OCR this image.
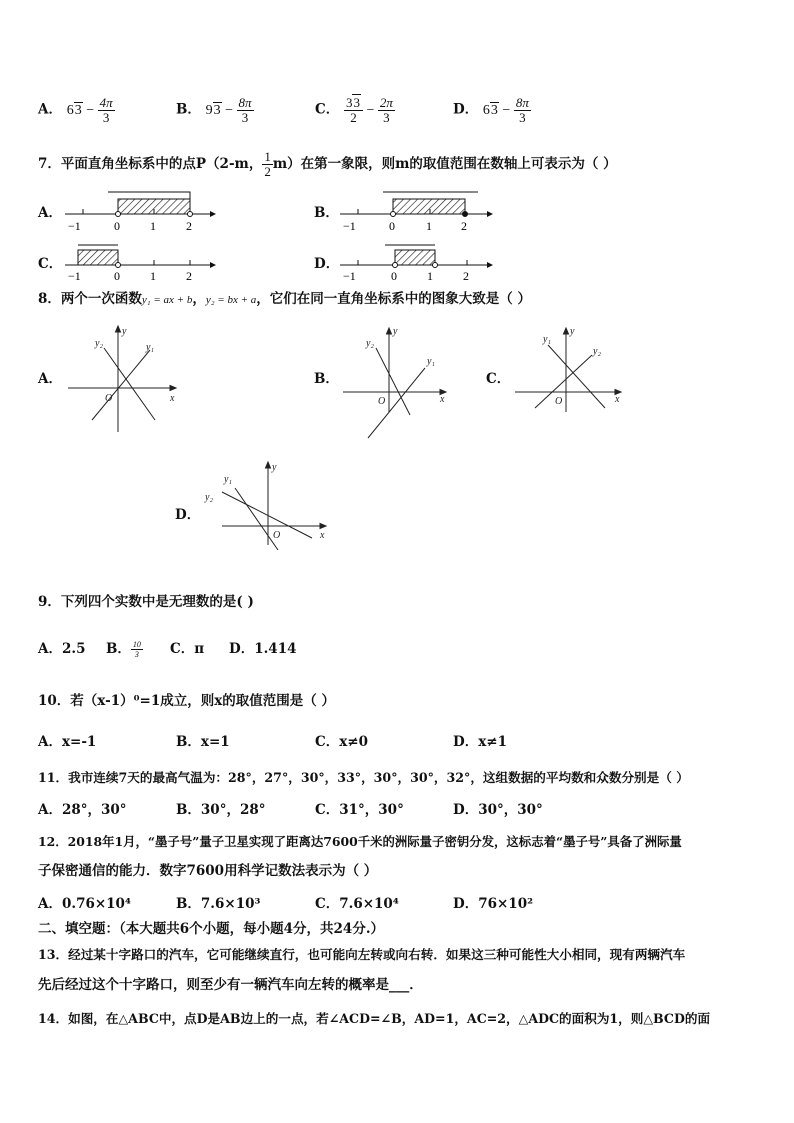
A． $63 - \frac{4\pi}{3}$	B． $93 - \frac{8\pi}{3}$	C． $\frac{33}{2} - \frac{2\pi}{3}$	D． $63 - \frac{8\pi}{3}$
7．平面直角坐标系中的点P（2-m， $\frac{1}{2} m$）在第一象限，则m的取值范围在数轴上可表示为（ ）
−1	0	1	2	−1	0	1 2
−1	0	1	2	−1	0	1	2
A．	B．
C．	D．
8．两个一次函数y₁ = ax + b，y₂ = bx + a，它们在同一直角坐标系中的图象大致是（ ）
A．	B．	C．
D．
y
y₂	y₁
O	x
y
y₂
y₁
O	x
y
y₁
y₂
O	x
y
y₁
y₂
O	x
9．下列四个实数中是无理数的是( )
A．2.5 B． $\frac{10}{3}$ C．π D．1.414
10．若（x-1）⁰=1成立，则x的取值范围是（ ）
A．x=-1	B．x=1	C．x≠0	D．x≠1
11．我市连续7天的最高气温为：28°，27°，30°，33°，30°，30°，32°，这组数据的平均数和众数分别是（ ）
A．28°，30°	B．30°，28°	C．31°，30°	D．30°，30°
12．2018年1月，“墨子号”量子卫星实现了距离达7600千米的洲际量子密钥分发，这标志着“墨子号”具备了洲际量
子保密通信的能力．数字7600用科学记数法表示为（ ）
A．0.76×10⁴	B．7.6×10³	C．7.6×10⁴	D．76×10²
二、填空题：（本大题共6个小题，每小题4分，共24分.）
13．经过某十字路口的汽车，它可能继续直行，也可能向左转或向右转．如果这三种可能性大小相同，现有两辆汽车
先后经过这个十字路口，则至少有一辆汽车向左转的概率是___．
14．如图，在△ABC中，点D是AB边上的一点，若∠ACD=∠B，AD=1，AC=2，△ADC的面积为1，则△BCD的面
